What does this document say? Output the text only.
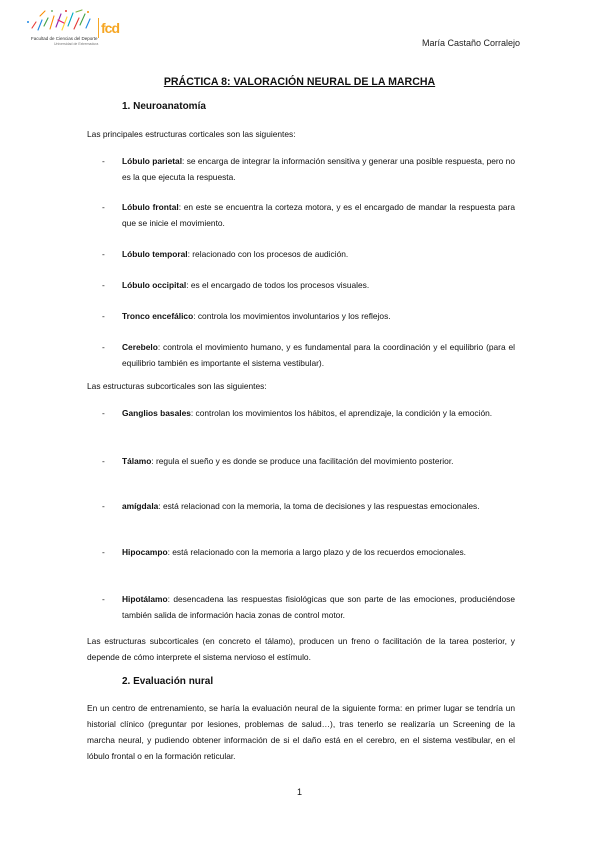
fcd
Facultad de Ciencias del Deporte
Universidad de Extremadura	María Castaño Corralejo
PRÁCTICA 8: VALORACIÓN NEURAL DE LA MARCHA
1. Neuroanatomía
Las principales estructuras corticales son las siguientes:
- Lóbulo parietal: se encarga de integrar la información sensitiva y generar una posible respuesta, pero no es la que ejecuta la respuesta.
- Lóbulo frontal: en este se encuentra la corteza motora, y es el encargado de mandar la respuesta para que se inicie el movimiento.
- Lóbulo temporal: relacionado con los procesos de audición.
- Lóbulo occipital: es el encargado de todos los procesos visuales.
- Tronco encefálico: controla los movimientos involuntarios y los reflejos.
- Cerebelo: controla el movimiento humano, y es fundamental para la coordinación y el equilibrio (para el equilibrio también es importante el sistema vestibular).
Las estructuras subcorticales son las siguientes:
- Ganglios basales: controlan los movimientos los hábitos, el aprendizaje, la condición y la emoción.
- Tálamo: regula el sueño y es donde se produce una facilitación del movimiento posterior.
- amígdala: está relacionad con la memoria, la toma de decisiones y las respuestas emocionales.
- Hipocampo: está relacionado con la memoria a largo plazo y de los recuerdos emocionales.
- Hipotálamo: desencadena las respuestas fisiológicas que son parte de las emociones, produciéndose también salida de información hacia zonas de control motor.
Las estructuras subcorticales (en concreto el tálamo), producen un freno o facilitación de la tarea posterior, y depende de cómo interprete el sistema nervioso el estímulo.
2. Evaluación nural
En un centro de entrenamiento, se haría la evaluación neural de la siguiente forma: en primer lugar se tendría un historial clínico (preguntar por lesiones, problemas de salud…), tras tenerlo se realizaría un Screening de la marcha neural, y pudiendo obtener información de si el daño está en el cerebro, en el sistema vestibular, en el lóbulo frontal o en la formación reticular.
1
